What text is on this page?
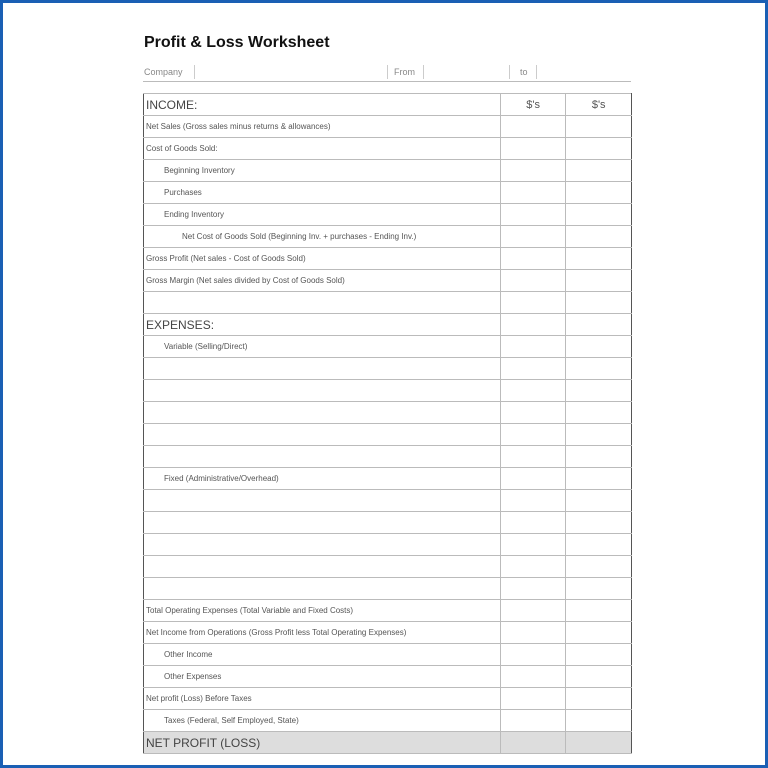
Profit & Loss Worksheet
Company	From	to
INCOME:	$'s	$'s
Net Sales (Gross sales minus returns & allowances)		
Cost of Goods Sold:		
Beginning Inventory		
Purchases		
Ending Inventory		
Net Cost of Goods Sold (Beginning Inv. + purchases - Ending Inv.)		
Gross Profit (Net sales - Cost of Goods Sold)		
Gross Margin (Net sales divided by Cost of Goods Sold)		

EXPENSES:		
Variable (Selling/Direct)		

Fixed (Administrative/Overhead)		

Total Operating Expenses (Total Variable and Fixed Costs)		
Net Income from Operations (Gross Profit less Total Operating Expenses)		
Other Income		
Other Expenses		
Net profit (Loss) Before Taxes		
Taxes (Federal, Self Employed, State)		
NET PROFIT (LOSS)		
